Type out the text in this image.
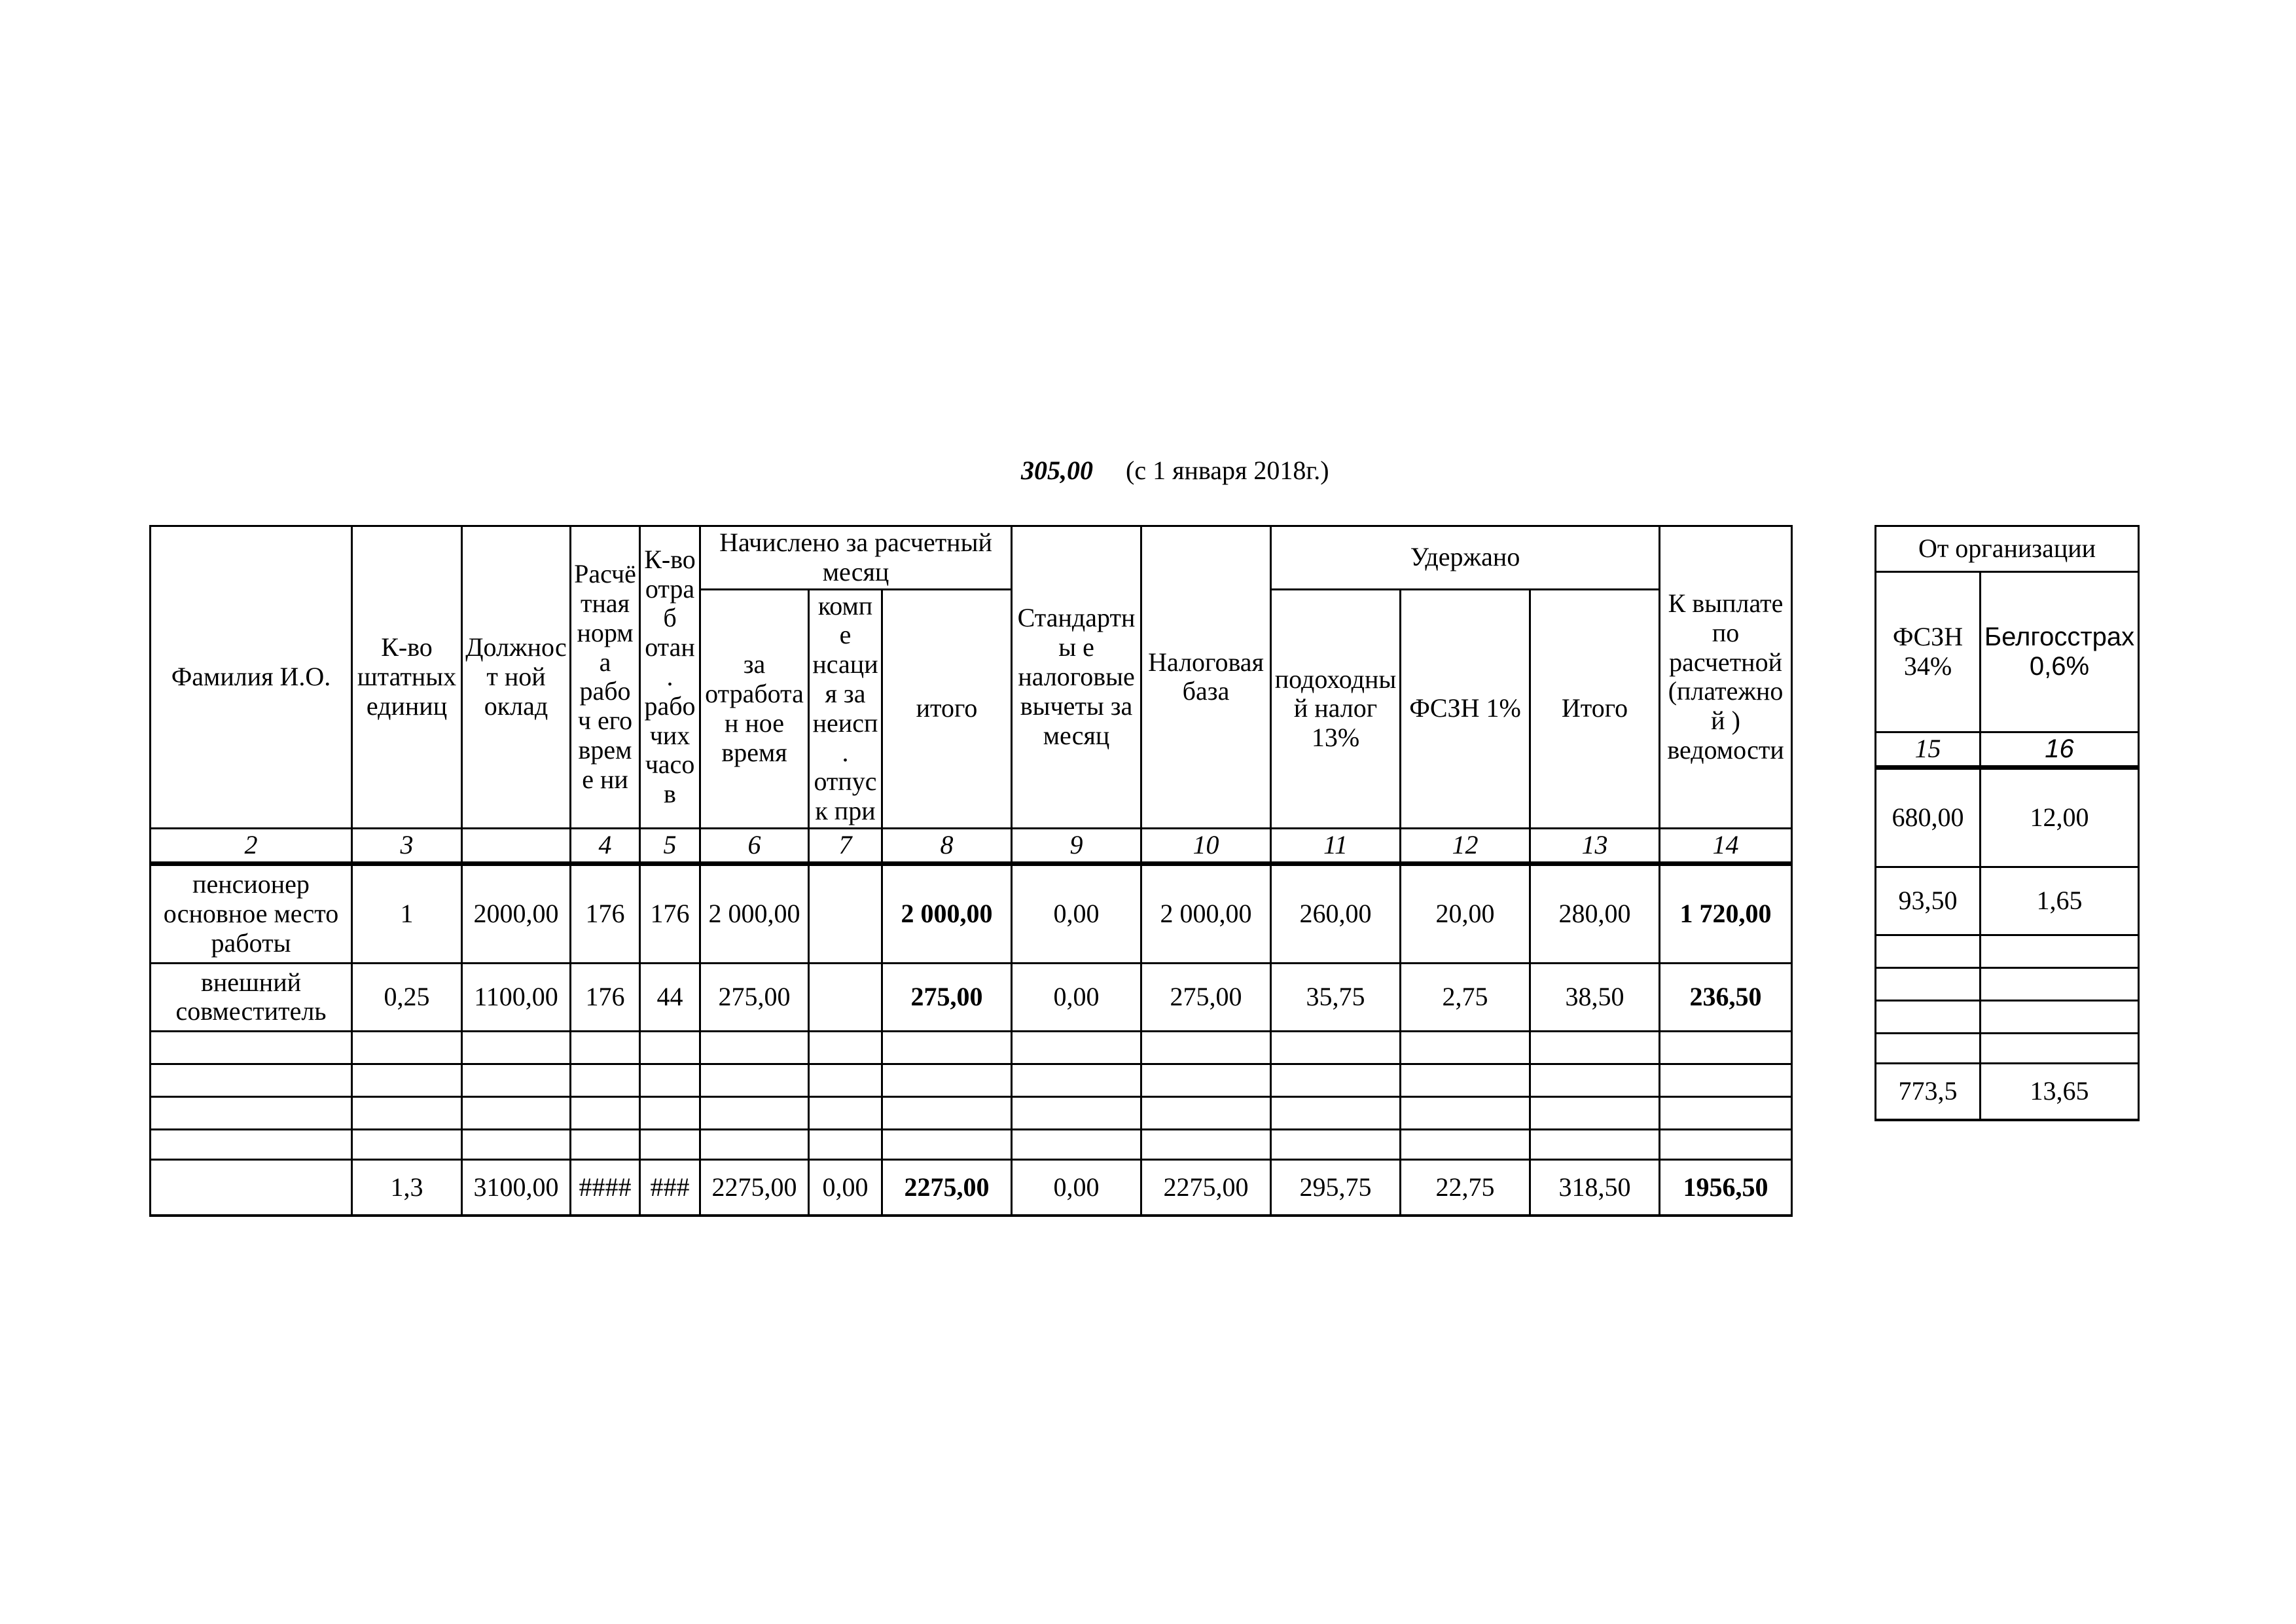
305,00 (с 1 января 2018г.)
Фамилия И.О.	К-во штатных единиц	Должност ной оклад	Расчё тная норма рабоч его време ни	К-во отраб отан. рабо чих часов	Начислено за расчетный месяц			Стандартны е налоговые вычеты за месяц	Налоговая база	Удержано			К выплате по расчетной (платежной ) ведомости
					за отработан ное время	компе нсация за неисп. отпуск при	итого			подоходный налог 13%	ФСЗН 1%	Итого	
2	3		4	5	6	7	8	9	10	11	12	13	14
пенсионер основное место работы	1	2000,00	176	176	2 000,00		2 000,00	0,00	2 000,00	260,00	20,00	280,00	1 720,00
внешний совместитель	0,25	1100,00	176	44	275,00		275,00	0,00	275,00	35,75	2,75	38,50	236,50

	1,3	3100,00	####	###	2275,00	0,00	2275,00	0,00	2275,00	295,75	22,75	318,50	1956,50
От организации	
ФСЗН 34%	Белгосстрах 0,6%
15	16
680,00	12,00
93,50	1,65

773,5	13,65
